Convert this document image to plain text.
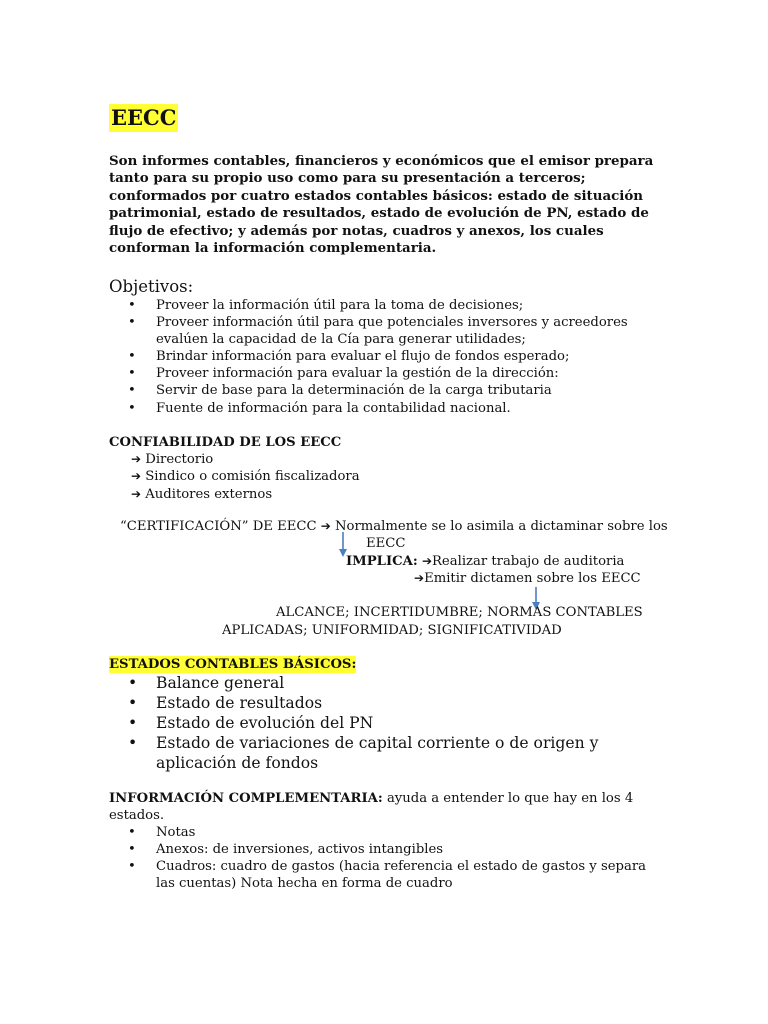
EECC
Son informes contables, financieros y económicos que el emisor prepara tanto para su propio uso como para su presentación a terceros; conformados por cuatro estados contables básicos: estado de situación patrimonial, estado de resultados, estado de evolución de PN, estado de flujo de efectivo; y además por notas, cuadros y anexos, los cuales conforman la información complementaria.
Objetivos:
• Proveer la información útil para la toma de decisiones;
• Proveer información útil para que potenciales inversores y acreedores evalúen la capacidad de la Cía para generar utilidades;
• Brindar información para evaluar el flujo de fondos esperado;
• Proveer información para evaluar la gestión de la dirección:
• Servir de base para la determinación de la carga tributaria
• Fuente de información para la contabilidad nacional.
CONFIABILIDAD DE LOS EECC
➔ Directorio
➔ Sindico o comisión fiscalizadora
➔ Auditores externos
“CERTIFICACIÓN” DE EECC ➔ Normalmente se lo asimila a dictaminar sobre los
EECC
IMPLICA: ➔Realizar trabajo de auditoria
➔Emitir dictamen sobre los EECC
ALCANCE; INCERTIDUMBRE; NORMAS CONTABLES
APLICADAS; UNIFORMIDAD; SIGNIFICATIVIDAD
ESTADOS CONTABLES BÁSICOS:
• Balance general
• Estado de resultados
• Estado de evolución del PN
• Estado de variaciones de capital corriente o de origen y aplicación de fondos
INFORMACIÓN COMPLEMENTARIA: ayuda a entender lo que hay en los 4
estados.
• Notas
• Anexos: de inversiones, activos intangibles
• Cuadros: cuadro de gastos (hacia referencia el estado de gastos y separa las cuentas) Nota hecha en forma de cuadro
